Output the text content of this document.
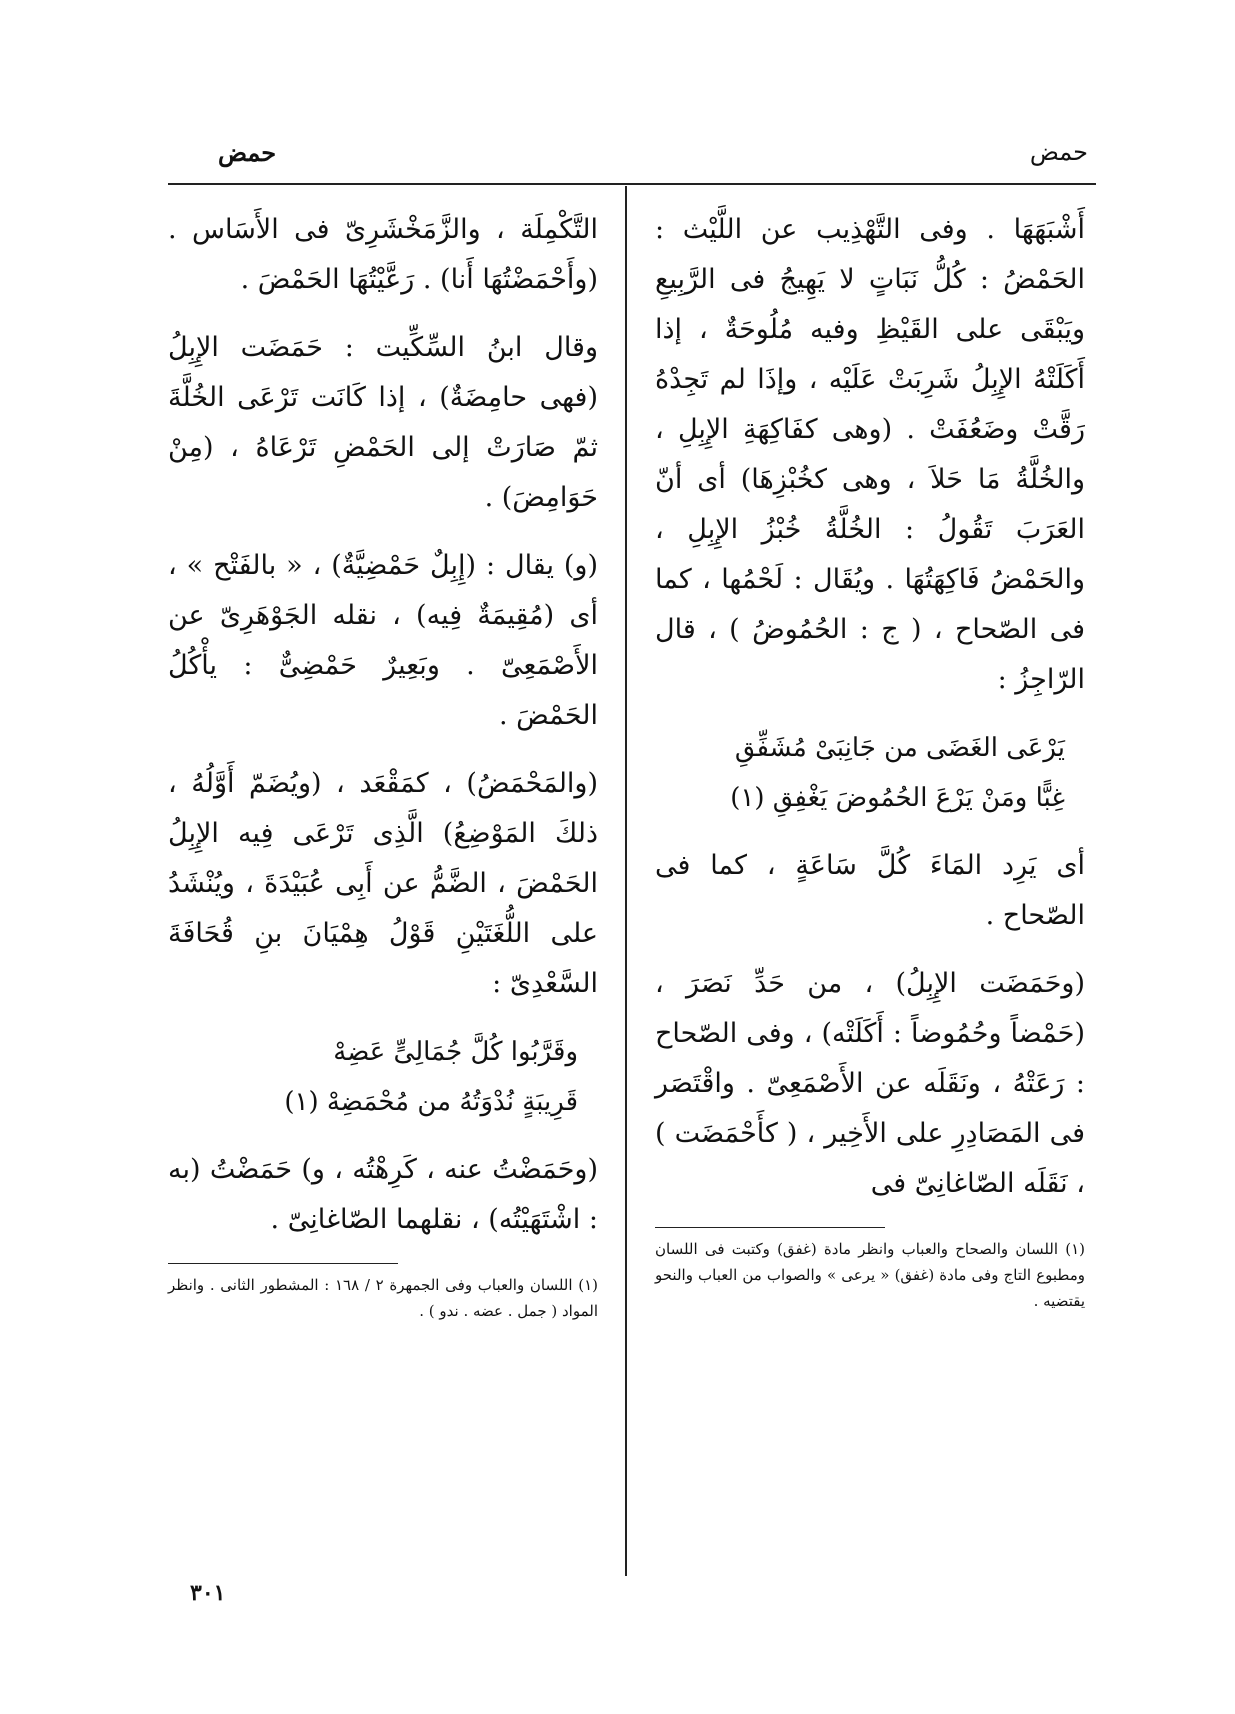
حمض
حمض

أَشْبَهَهَا . وفى التَّهْذِيب عن اللَّيْث : الحَمْضُ : كُلُّ نَبَاتٍ لا يَهِيجُ فى الرَّبِيعِ ويَبْقَى على القَيْظِ وفيه مُلُوحَةٌ ، إذا أَكَلَتْهُ الإِبِلُ شَرِبَتْ عَلَيْه ، وإذَا لم تَجِدْهُ رَقَّتْ وضَعُفَتْ . (وهى كفَاكِهَةِ الإِبِلِ ، والخُلَّةُ مَا حَلاَ ، وهى كخُبْزِهَا) أى أنّ العَرَبَ تَقُولُ : الخُلَّةُ خُبْزُ الإِبِلِ ، والحَمْضُ فَاكِهَتُهَا . ويُقَال : لَحْمُها ، كما فى الصّحاح ، ( ج : الحُمُوضُ ) ، قال الرّاجِزُ :

يَرْعَى الغَضَى من جَانِبَىْ مُشَفِّقِ
غِبًّا ومَنْ يَرْعَ الحُمُوضَ يَغْفِقِ (١)

أى يَرِد المَاءَ كُلَّ سَاعَةٍ ، كما فى الصّحاح .

(وحَمَضَت الإِبِلُ) ، من حَدِّ نَصَرَ ، (حَمْضاً وحُمُوضاً : أَكَلَتْه) ، وفى الصّحاح : رَعَتْهُ ، ونَقَلَه عن الأَصْمَعِىّ . واقْتَصَر فى المَصَادِرِ على الأَخِير ، ( كأَحْمَضَت ) ، نَقَلَه الصّاغانِىّ فى

(١) اللسان والصحاح والعباب وانظر مادة (غفق) وكتبت فى اللسان ومطبوع التاج وفى مادة (غفق) « يرعى » والصواب من العباب والنحو يقتضيه .

التَّكْمِلَة ، والزَّمَخْشَرِىّ فى الأَسَاس . (وأَحْمَضْتُهَا أَنا) . رَعَّيْتُهَا الحَمْضَ .

وقال ابنُ السِّكِّيت : حَمَضَت الإِبِلُ (فهى حامِضَةٌ) ، إذا كَانَت تَرْعَى الخُلَّةَ ثمّ صَارَتْ إلى الحَمْضِ تَرْعَاهُ ، (مِنْ حَوَامِضَ) .

(و) يقال : (إِبِلٌ حَمْضِيَّةٌ) ، « بالفَتْح » ، أى (مُقِيمَةٌ فِيه) ، نقله الجَوْهَرِىّ عن الأَصْمَعِىّ . وبَعِيرٌ حَمْضِىٌّ : يأْكُلُ الحَمْضَ .

(والمَحْمَضُ) ، كمَقْعَد ، (ويُضَمّ أَوَّلُهُ ، ذلكَ المَوْضِعُ) الَّذِى تَرْعَى فِيه الإِبِلُ الحَمْضَ ، الضَّمُّ عن أَبِى عُبَيْدَةَ ، ويُنْشَدُ على اللُّغَتَيْنِ قَوْلُ هِمْيَانَ بنِ قُحَافَةَ السَّعْدِىّ :

وقَرَّبُوا كُلَّ جُمَالِىٍّ عَضِهْ
قَرِيبَةٍ نُدْوَتُهُ من مُحْمَضِهْ (١)

(وحَمَضْتُ عنه ، كَرِهْتُه ، و) حَمَضْتُ (به : اشْتَهَيْتُه) ، نقلهما الصّاغانِىّ .

(١) اللسان والعباب وفى الجمهرة ٢ / ١٦٨ : المشطور الثانى . وانظر المواد ( جمل . عضه . ندو ) .

٣٠١
